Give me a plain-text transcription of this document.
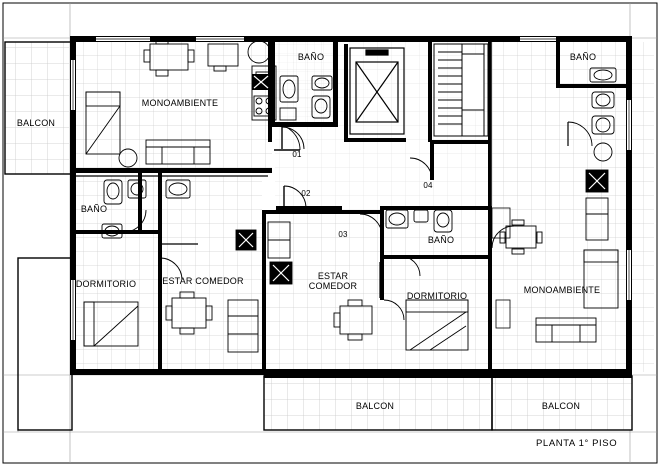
BALCON
MONOAMBIENTE
BAÑO	BAÑO
BAÑO
BAÑO
DORMITORIO	ESTAR COMEDOR	ESTAR
COMEDOR
DORMITORIO
MONOAMBIENTE
BALCON	BALCON
01
02
03
04
PLANTA 1° PISO
